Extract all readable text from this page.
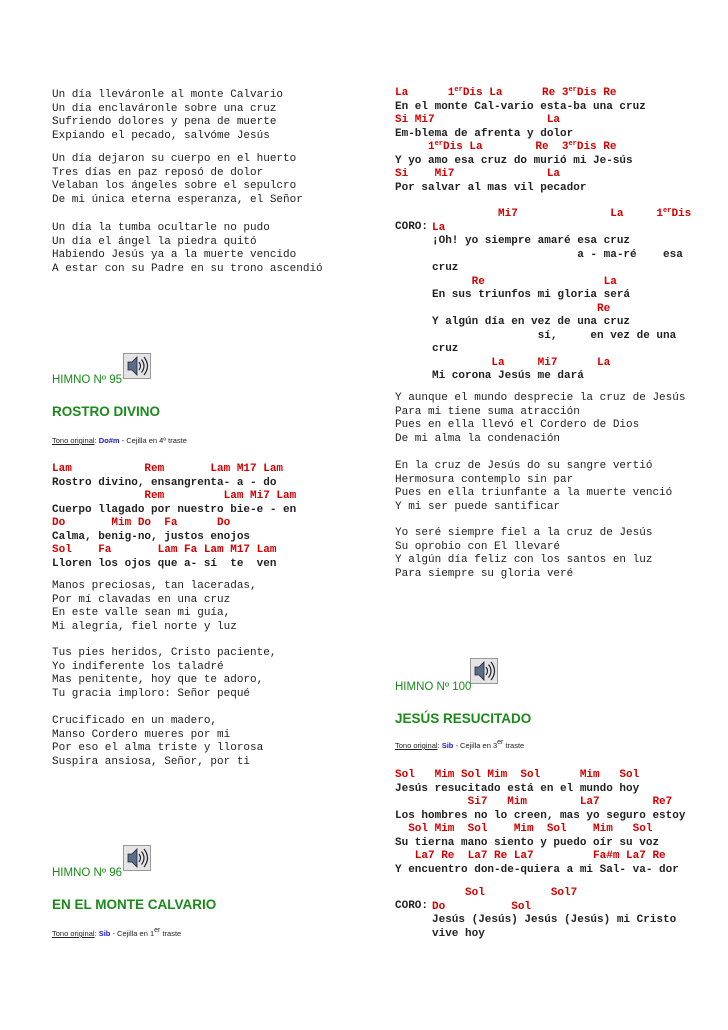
Un día lleváronle al monte Calvario
Un día enclaváronle sobre una cruz
Sufriendo dolores y pena de muerte
Expiando el pecado, salvóme Jesús
Un día dejaron su cuerpo en el huerto
Tres días en paz reposó de dolor
Velaban los ángeles sobre el sepulcro
De mi única eterna esperanza, el Señor
Un día la tumba ocultarle no pudo
Un día el ángel la piedra quitó
Habiendo Jesús ya a la muerte vencido
A estar con su Padre en su trono ascendió
HIMNO Nº 95
ROSTRO DIVINO
Tono original: Do#m - Cejilla en 4º traste
Lam           Rem       Lam M17 Lam
Rostro divino, ensangrenta- a - do
Rem         Lam Mi7 Lam
Cuerpo llagado por nuestro bie-e - en
Do       Mim Do  Fa      Do
Calma, benig-no, justos enojos
Sol    Fa       Lam Fa Lam M17 Lam
Lloren los ojos que a- sí  te  ven
Manos preciosas, tan laceradas,
Por mí clavadas en una cruz
En este valle sean mi guía,
Mi alegría, fiel norte y luz
Tus pies heridos, Cristo paciente,
Yo indiferente los taladré
Mas penitente, hoy que te adoro,
Tu gracia imploro: Señor pequé
Crucificado en un madero,
Manso Cordero mueres por mi
Por eso el alma triste y llorosa
Suspira ansiosa, Señor, por ti
HIMNO Nº 96
EN EL MONTE CALVARIO
Tono original: Sib - Cejilla en 1er traste
La      1erDis La      Re 3erDis Re
En el monte Cal-vario esta-ba una cruz
Si Mi7                 La
Em-blema de afrenta y dolor
1erDis La        Re  3erDis Re
Y yo amo esa cruz do murió mi Je-sús
Si    Mi7              La
Por salvar al mas vil pecador
CORO:
Mi7              La     1erDis
La
¡Oh! yo siempre amaré esa cruz
a - ma-ré    esa
cruz
Re                  La
En sus triunfos mi gloria será
Re
Y algún día en vez de una cruz
sí,     en vez de una
cruz
La     Mi7      La
Mi corona Jesús me dará
Y aunque el mundo desprecie la cruz de Jesús
Para mi tiene suma atracción
Pues en ella llevó el Cordero de Dios
De mi alma la condenación
En la cruz de Jesús do su sangre vertió
Hermosura contemplo sin par
Pues en ella triunfante a la muerte venció
Y mi ser puede santificar
Yo seré siempre fiel a la cruz de Jesús
Su oprobio con El llevaré
Y algún día feliz con los santos en luz
Para siempre su gloria veré
HIMNO Nº 100
JESÚS RESUCITADO
Tono original: Sib - Cejilla en 3er traste
Sol   Mim Sol Mim  Sol      Mim   Sol
Jesús resucitado está en el mundo hoy
Si7   Mim        La7        Re7
Los hombres no lo creen, mas yo seguro estoy
Sol Mim  Sol    Mim  Sol    Mim   Sol
Su tierna mano siento y puedo oír su voz
La7 Re  La7 Re La7         Fa#m La7 Re
Y encuentro don-de-quiera a mi Sal- va- dor
CORO:
Sol          Sol7
Do          Sol
Jesús (Jesús) Jesús (Jesús) mi Cristo
vive hoy
